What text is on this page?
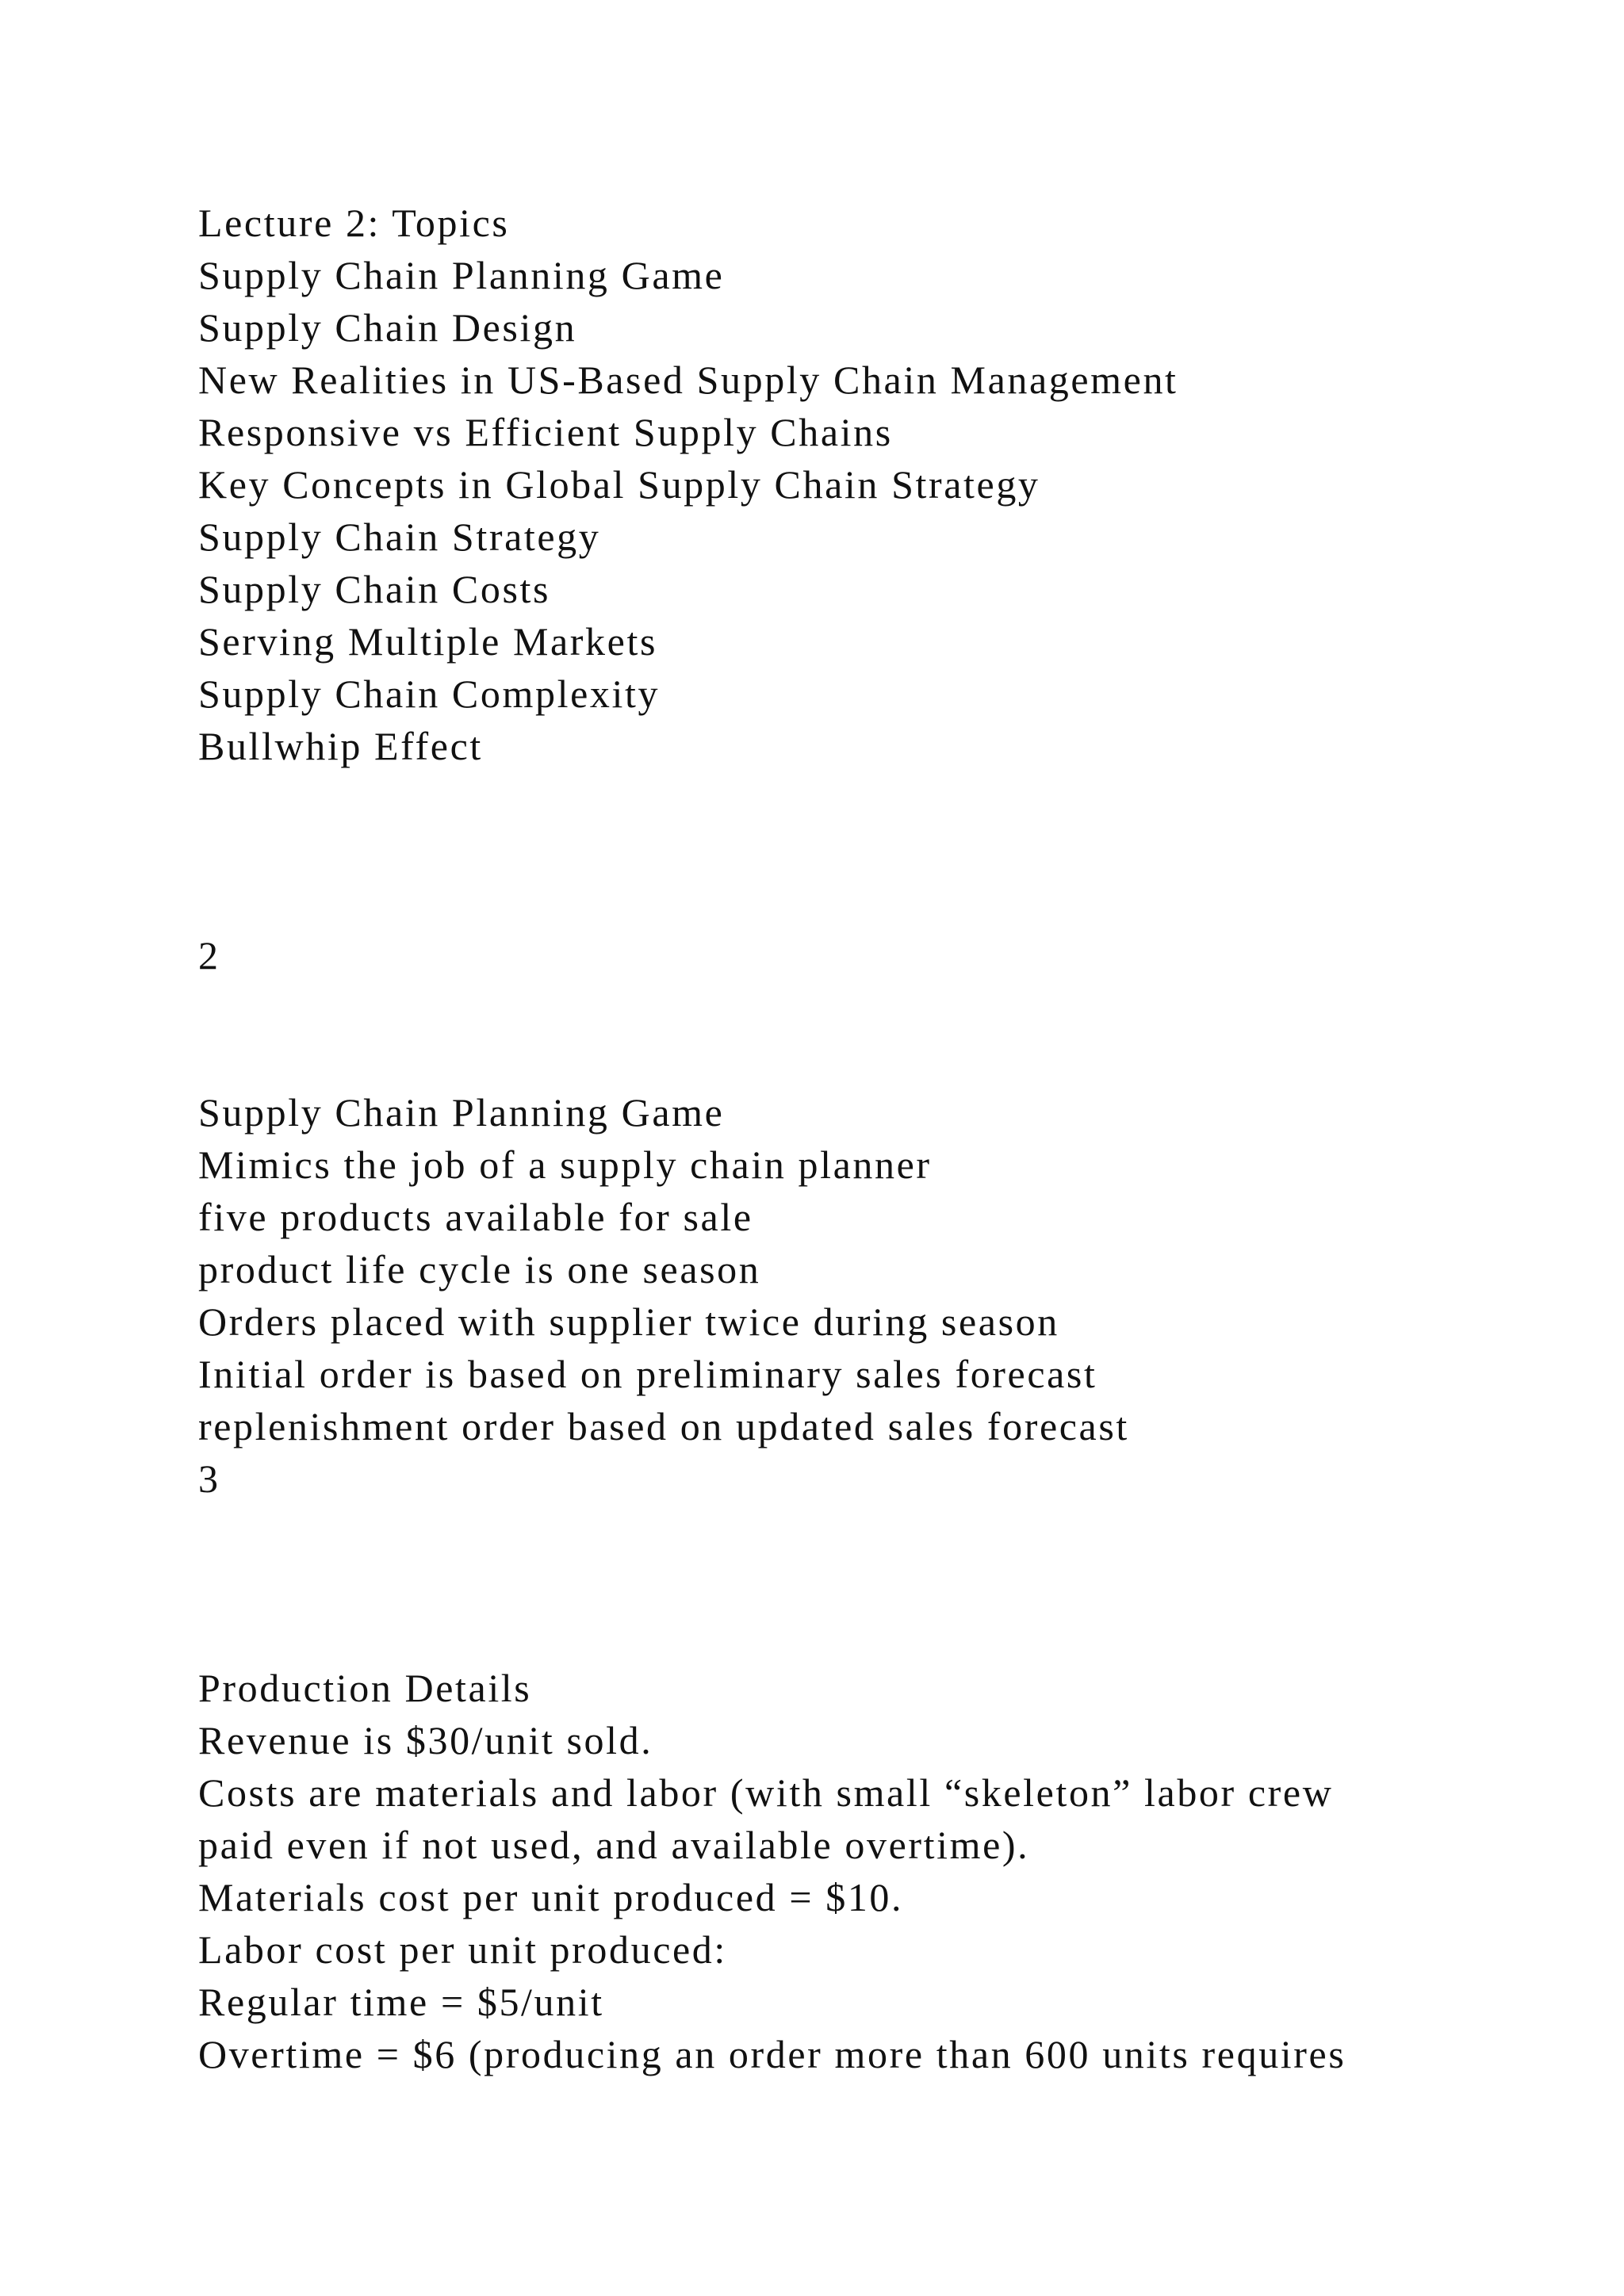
Lecture 2: Topics

Supply Chain Planning Game

Supply Chain Design

New Realities in US-Based Supply Chain Management

Responsive vs Efficient Supply Chains

Key Concepts in Global Supply Chain Strategy

Supply Chain Strategy

Supply Chain Costs

Serving Multiple Markets

Supply Chain Complexity

Bullwhip Effect

2

Supply Chain Planning Game

Mimics the job of a supply chain planner

five products available for sale

product life cycle is one season

Orders placed with supplier twice during season

Initial order is based on preliminary sales forecast

replenishment order based on updated sales forecast

3

Production Details

Revenue is $30/unit sold.

Costs are materials and labor (with small “skeleton” labor crew

paid even if not used, and available overtime).

Materials cost per unit produced = $10.

Labor cost per unit produced:

Regular time = $5/unit

Overtime = $6 (producing an order more than 600 units requires
